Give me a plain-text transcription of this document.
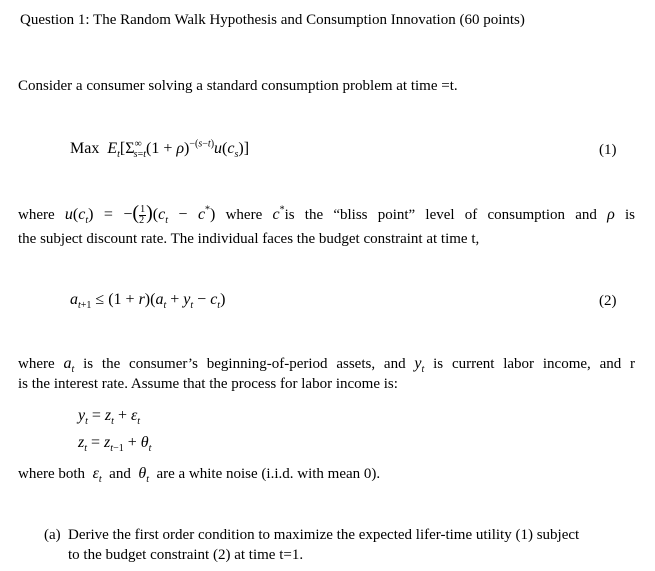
Question 1: The Random Walk Hypothesis and Consumption Innovation (60 points)
Consider a consumer solving a standard consumption problem at time =t.
Max $E_t[\Sigma^\infty_{s=t}(1 + \rho)^{-(s-t)}u(c_s)]$	(1)
where $u(c_t)$ = −( $\frac{1}{2} )(c_t - c^*)$ where c*is the “bliss point” level of consumption and ρ is
the subject discount rate. The individual faces the budget constraint at time t,
$a_{t+1} \le (1 + r)(a_t + y_t - c_t)$	(2)
where $a_t$ is the consumer’s beginning-of-period assets, and $y_t$ is current labor income, and r
is the interest rate. Assume that the process for labor income is:
$y_t = z_t + \varepsilon_t$
$z_t = z_{t-1} + \theta_t$
where both $\varepsilon_t$ and $\theta_t$ are a white noise (i.i.d. with mean 0).
(a) Derive the first order condition to maximize the expected lifer-time utility (1) subject
to the budget constraint (2) at time t=1.
